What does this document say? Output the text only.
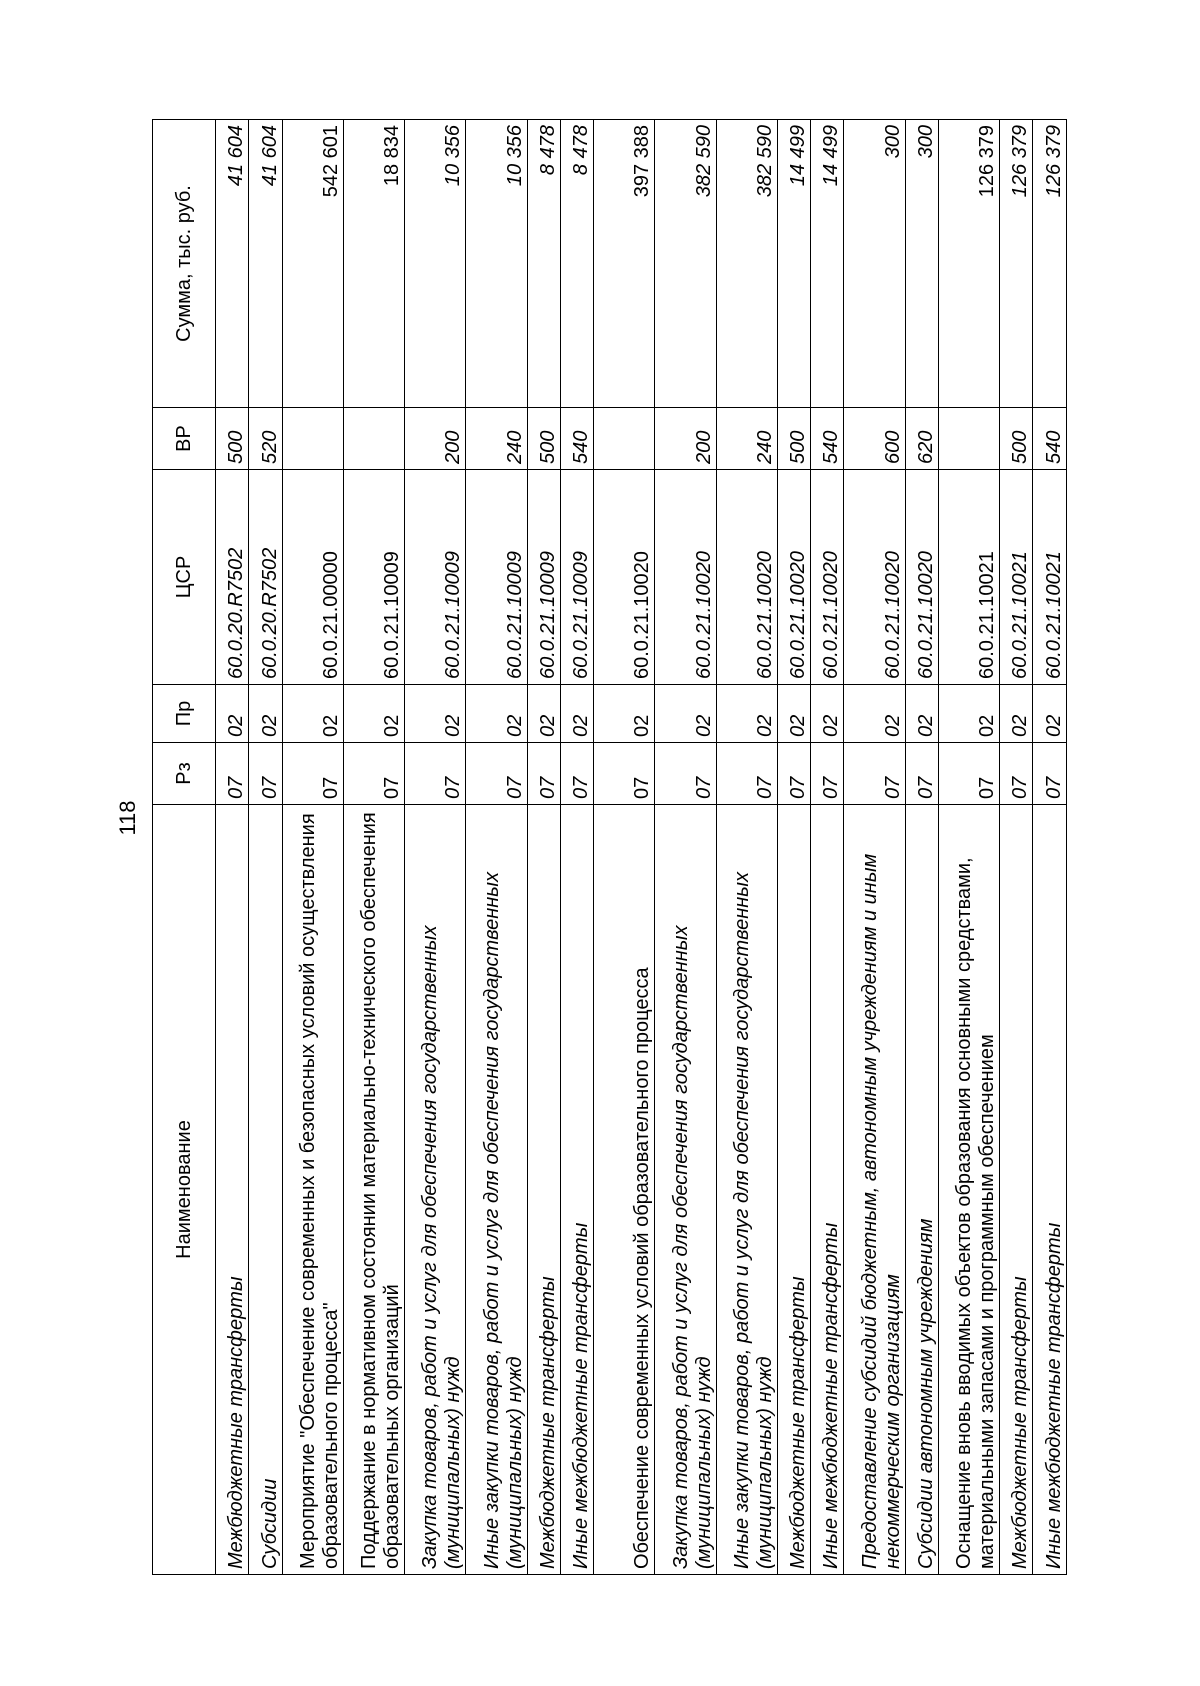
118
Наименование	Рз	Пр	ЦСР	ВР	Сумма, тыс. руб.
Межбюджетные трансферты	07	02	60.0.20.R7502	500	41 604
Субсидии	07	02	60.0.20.R7502	520	41 604
Мероприятие "Обеспечение современных и безопасных условий осуществления образовательного процесса"	07	02	60.0.21.00000		542 601
Поддержание в нормативном состоянии материально-технического обеспечения образовательных организаций	07	02	60.0.21.10009		18 834
Закупка товаров, работ и услуг для обеспечения государственных (муниципальных) нужд	07	02	60.0.21.10009	200	10 356
Иные закупки товаров, работ и услуг для обеспечения государственных (муниципальных) нужд	07	02	60.0.21.10009	240	10 356
Межбюджетные трансферты	07	02	60.0.21.10009	500	8 478
Иные межбюджетные трансферты	07	02	60.0.21.10009	540	8 478
Обеспечение современных условий образовательного процесса	07	02	60.0.21.10020		397 388
Закупка товаров, работ и услуг для обеспечения государственных (муниципальных) нужд	07	02	60.0.21.10020	200	382 590
Иные закупки товаров, работ и услуг для обеспечения государственных (муниципальных) нужд	07	02	60.0.21.10020	240	382 590
Межбюджетные трансферты	07	02	60.0.21.10020	500	14 499
Иные межбюджетные трансферты	07	02	60.0.21.10020	540	14 499
Предоставление субсидий бюджетным, автономным учреждениям и иным некоммерческим организациям	07	02	60.0.21.10020	600	300
Субсидии автономным учреждениям	07	02	60.0.21.10020	620	300
Оснащение вновь вводимых объектов образования основными средствами, материальными запасами и программным обеспечением	07	02	60.0.21.10021		126 379
Межбюджетные трансферты	07	02	60.0.21.10021	500	126 379
Иные межбюджетные трансферты	07	02	60.0.21.10021	540	126 379
